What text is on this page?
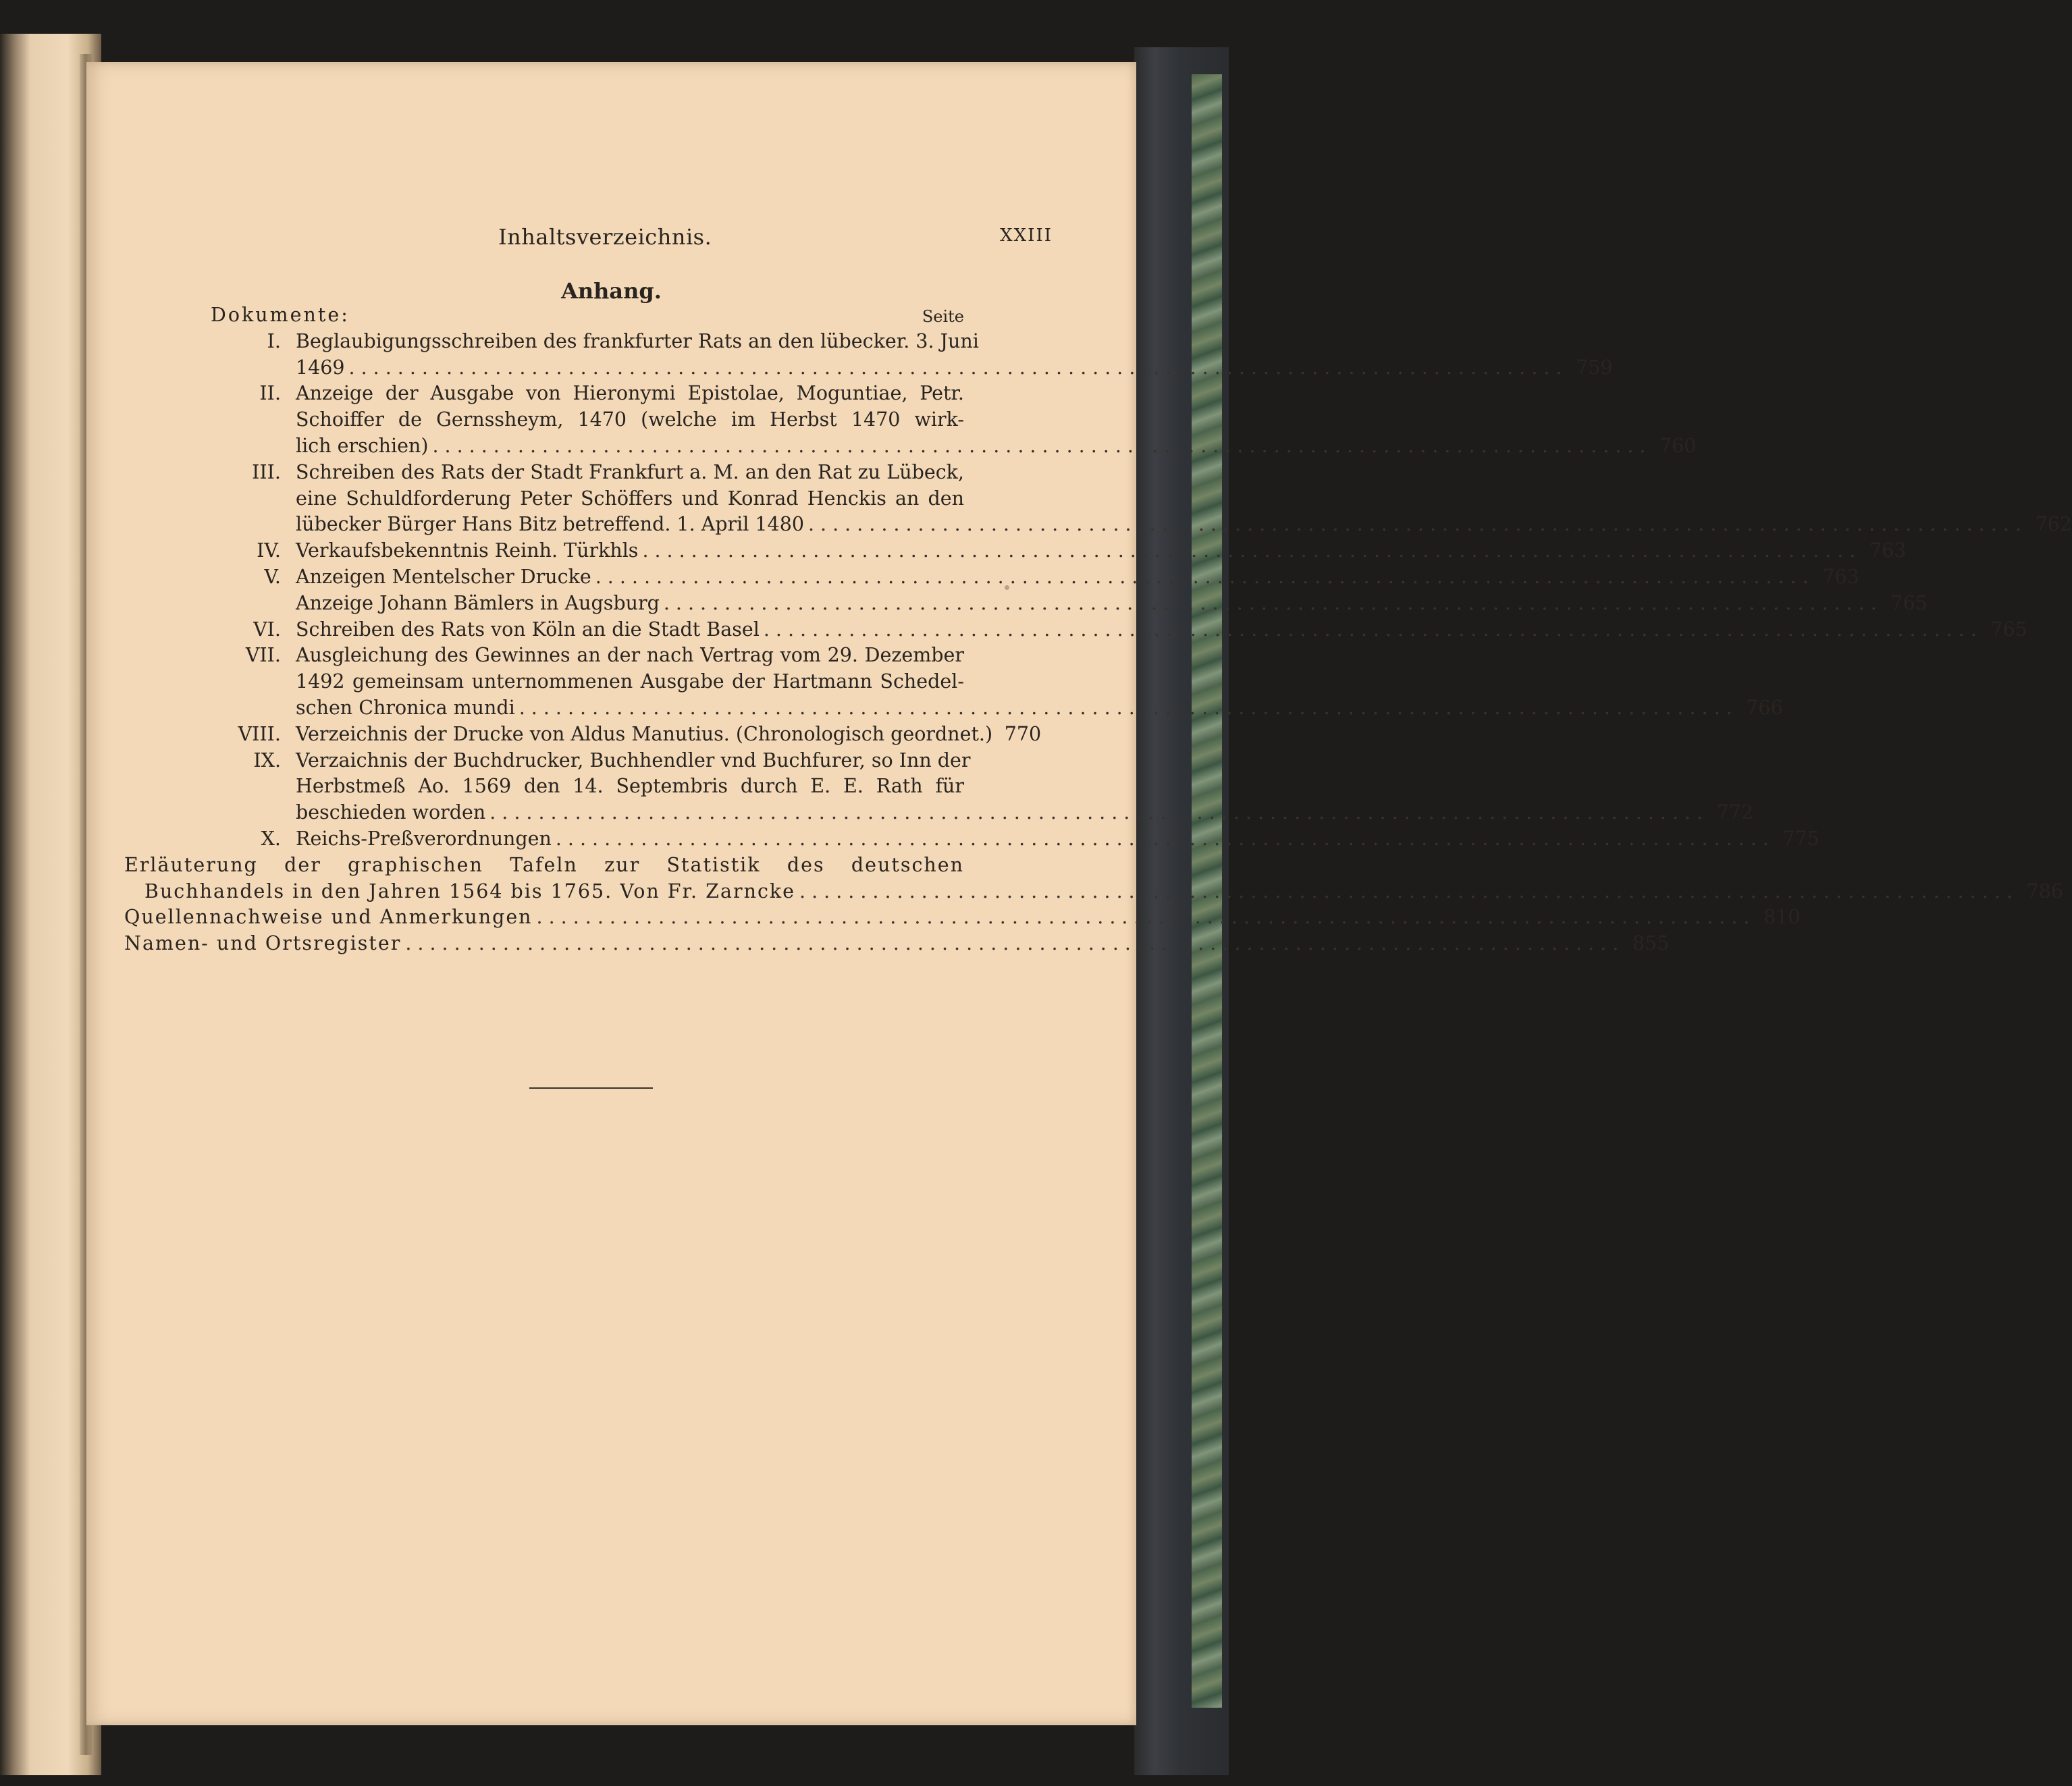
Inhaltsverzeichnis.	XXIII
Anhang.
Dokumente:	Seite
I. Beglaubigungsschreiben des frankfurter Rats an den lübecker. 3. Juni
1469 .................................................................................................... 759
II. Anzeige der Ausgabe von Hieronymi Epistolae, Moguntiae, Petr.
Schoiffer de Gernssheym, 1470 (welche im Herbst 1470 wirk-
lich erschien) .................................................................................................... 760
III. Schreiben des Rats der Stadt Frankfurt a. M. an den Rat zu Lübeck,
eine Schuldforderung Peter Schöffers und Konrad Henckis an den
lübecker Bürger Hans Bitz betreffend. 1. April 1480 .................................................................................................... 762
IV. Verkaufsbekenntnis Reinh. Türkhls .................................................................................................... 763
V. Anzeigen Mentelscher Drucke .................................................................................................... 763
Anzeige Johann Bämlers in Augsburg .................................................................................................... 765
VI. Schreiben des Rats von Köln an die Stadt Basel .................................................................................................... 765
VII. Ausgleichung des Gewinnes an der nach Vertrag vom 29. Dezember
1492 gemeinsam unternommenen Ausgabe der Hartmann Schedel-
schen Chronica mundi .................................................................................................... 766
VIII. Verzeichnis der Drucke von Aldus Manutius. (Chronologisch geordnet.) 770
IX. Verzaichnis der Buchdrucker, Buchhendler vnd Buchfurer, so Inn der
Herbstmeß Ao. 1569 den 14. Septembris durch E. E. Rath für
beschieden worden .................................................................................................... 772
X. Reichs-Preßverordnungen .................................................................................................... 775
Erläuterung der graphischen Tafeln zur Statistik des deutschen
Buchhandels in den Jahren 1564 bis 1765. Von Fr. Zarncke .................................................................................................... 786
Quellennachweise und Anmerkungen .................................................................................................... 810
Namen- und Ortsregister .................................................................................................... 855
